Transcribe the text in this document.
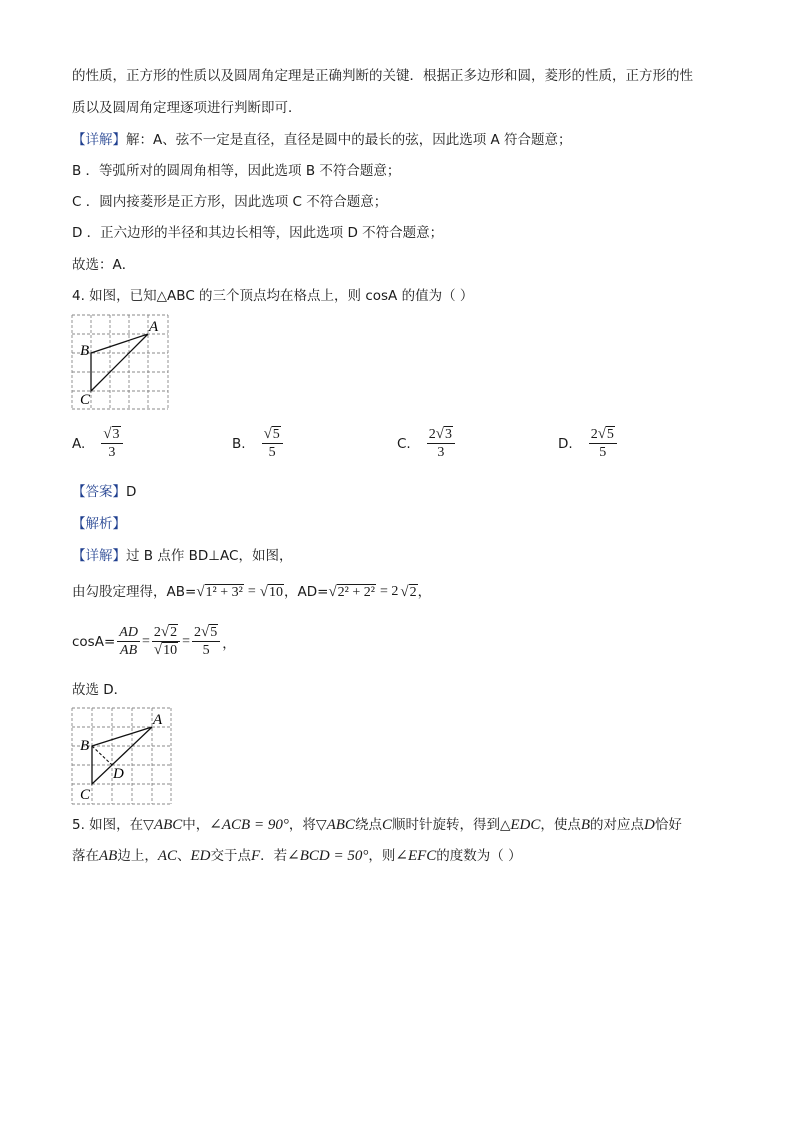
的性质，正方形的性质以及圆周角定理是正确判断的关键．根据正多边形和圆，菱形的性质，正方形的性
质以及圆周角定理逐项进行判断即可．
【详解】解：A、弦不一定是直径，直径是圆中的最长的弦，因此选项 A 符合题意；
B ．等弧所对的圆周角相等，因此选项 B 不符合题意；
C ．圆内接菱形是正方形，因此选项 C 不符合题意；
D ．正六边形的半径和其边长相等，因此选项 D 不符合题意；
故选：A．
4. 如图，已知△ABC 的三个顶点均在格点上，则 cosA 的值为（ ）
A
B
C
A. $\frac{√ 3}{3}$	B. $\frac{√ 5}{5}$	C. $\frac{2 √ 3}{3}$	D. $\frac{2 √ 5}{5}$
【答案】D
【解析】
【详解】过 B 点作 BD⊥AC，如图，
由勾股定理得，AB= √ 1² + 3² = √ 10 ，AD= √ 2² + 2² = 2 √ 2 ，
$\cos A= \frac{AD}{AB} = \frac{2 √ 2}{√ 10} = \frac{2 √ 5}{5}$ ，
故选 D．
A
B
C
D
5. 如图，在▽ABC中，∠ACB = 90°，将▽ABC绕点C顺时针旋转，得到△EDC，使点B的对应点D恰好
落在AB边上，AC、ED交于点F．若∠BCD = 50°，则∠EFC的度数为（ ）
